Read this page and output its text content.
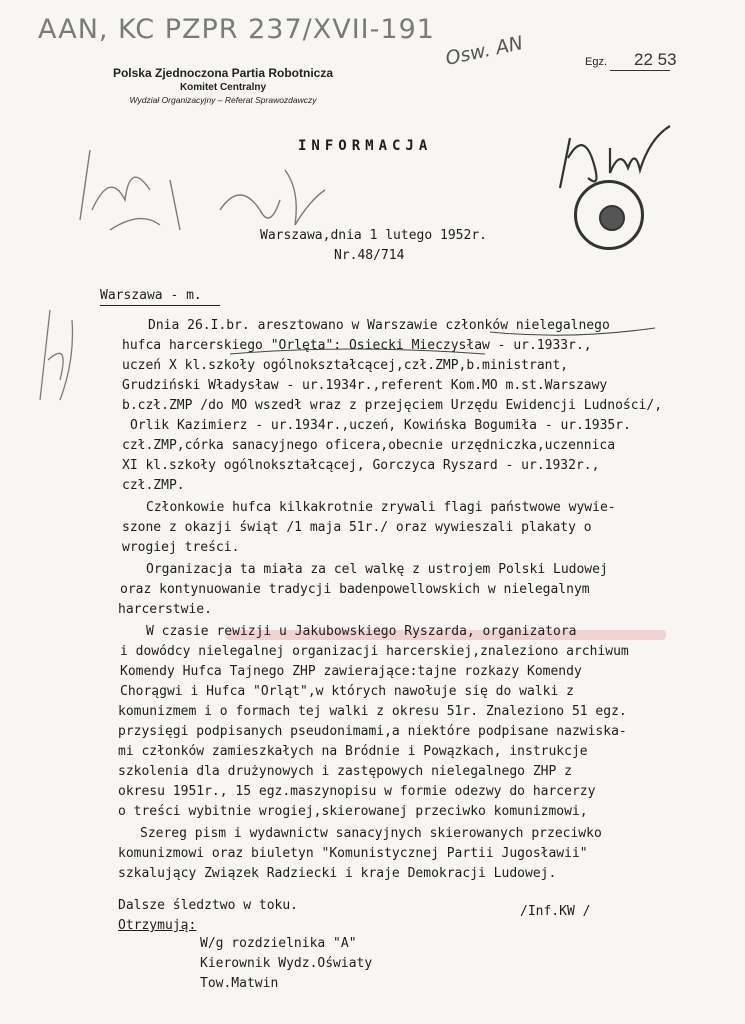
AAN, KC PZPR 237/XVII-191
Osw. AN	Egz. 22 53
Polska Zjednoczona Partia Robotnicza
Komitet Centralny
Wydział Organizacyjny – Referat Sprawozdawczy
INFORMACJA
Warszawa,dnia 1 lutego 1952r.
Nr.48/714
Warszawa - m.
Dnia 26.I.br. aresztowano w Warszawie członków nielegalnego
hufca harcerskiego "Orlęta": Osiecki Mieczysław - ur.1933r.,
uczeń X kl.szkoły ogólnokształcącej,czł.ZMP,b.ministrant,
Grudziński Władysław - ur.1934r.,referent Kom.MO m.st.Warszawy
b.czł.ZMP /do MO wszedł wraz z przejęciem Urzędu Ewidencji Ludności/,
Orlik Kazimierz - ur.1934r.,uczeń, Kowińska Bogumiła - ur.1935r.
czł.ZMP,córka sanacyjnego oficera,obecnie urzędniczka,uczennica
XI kl.szkoły ogólnokształcącej, Gorczyca Ryszard - ur.1932r.,
czł.ZMP.
Członkowie hufca kilkakrotnie zrywali flagi państwowe wywie-
szone z okazji świąt /1 maja 51r./ oraz wywieszali plakaty o
wrogiej treści.
Organizacja ta miała za cel walkę z ustrojem Polski Ludowej
oraz kontynuowanie tradycji badenpowellowskich w nielegalnym
harcerstwie.
W czasie rewizji u Jakubowskiego Ryszarda, organizatora
i dowódcy nielegalnej organizacji harcerskiej,znaleziono archiwum
Komendy Hufca Tajnego ZHP zawierające:tajne rozkazy Komendy
Chorągwi i Hufca "Orląt",w których nawołuje się do walki z
komunizmem i o formach tej walki z okresu 51r. Znaleziono 51 egz.
przysięgi podpisanych pseudonimami,a niektóre podpisane nazwiska-
mi członków zamieszkałych na Bródnie i Powązkach, instrukcje
szkolenia dla drużynowych i zastępowych nielegalnego ZHP z
okresu 1951r., 15 egz.maszynopisu w formie odezwy do harcerzy
o treści wybitnie wrogiej,skierowanej przeciwko komunizmowi,
Szereg pism i wydawnictw sanacyjnych skierowanych przeciwko
komunizmowi oraz biuletyn "Komunistycznej Partii Jugosławii"
szkalujący Związek Radziecki i kraje Demokracji Ludowej.
Dalsze śledztwo w toku.	/Inf.KW /
Otrzymują:
W/g rozdzielnika "A"
Kierownik Wydz.Oświaty
Tow.Matwin
